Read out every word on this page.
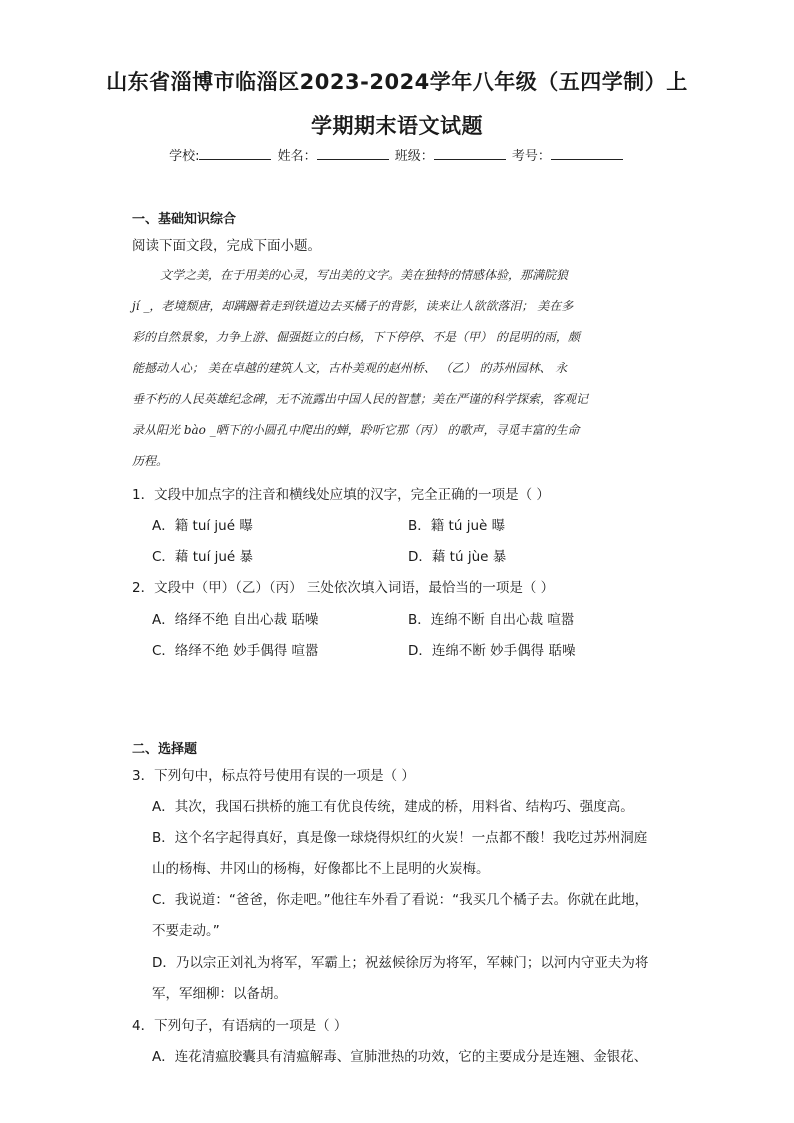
山东省淄博市临淄区2023-2024学年八年级（五四学制）上
学期期末语文试题
学校:	姓名：	班级：	考号：
一、基础知识综合
阅读下面文段，完成下面小题。
文学之美，在于用美的心灵，写出美的文字。美在独特的情感体验，那满院狼
jí _，老境颓唐，却蹒跚着走到铁道边去买橘子的背影，读来让人欲欲落泪； 美在多
彩的自然景象，力争上游、倔强挺立的白杨，下下停停、不是（甲） 的昆明的雨，颇
能撼动人心； 美在卓越的建筑人文，古朴美观的赵州桥、 （乙） 的苏州园林、 永
垂不朽的人民英雄纪念碑，无不流露出中国人民的智慧；美在严谨的科学探索，客观记
录从阳光 bào _晒下的小圆孔中爬出的蝉，聆听它那（丙） 的歌声，寻觅丰富的生命
历程。
1．文段中加点字的注音和横线处应填的汉字，完全正确的一项是（ ）
A．籍 tuí jué 曝	B．籍 tú juè 曝
C．藉 tuí jué 暴	D．藉 tú jùe 暴
2．文段中（甲）（乙）（丙） 三处依次填入词语，最恰当的一项是（ ）
A．络绎不绝 自出心裁 聒噪	B．连绵不断 自出心裁 喧嚣
C．络绎不绝 妙手偶得 喧嚣	D．连绵不断 妙手偶得 聒噪
二、选择题
3．下列句中，标点符号使用有误的一项是（ ）
A．其次，我国石拱桥的施工有优良传统，建成的桥，用料省、结构巧、强度高。
B．这个名字起得真好，真是像一球烧得炽红的火炭！一点都不酸！我吃过苏州洞庭
山的杨梅、井冈山的杨梅，好像都比不上昆明的火炭梅。
C．我说道：“爸爸，你走吧。”他往车外看了看说：“我买几个橘子去。你就在此地，
不要走动。”
D．乃以宗正刘礼为将军，军霸上；祝兹候徐厉为将军，军棘门；以河内守亚夫为将
军，军细柳：以备胡。
4．下列句子，有语病的一项是（ ）
A．连花清瘟胶囊具有清瘟解毒、宣肺泄热的功效，它的主要成分是连翘、金银花、
